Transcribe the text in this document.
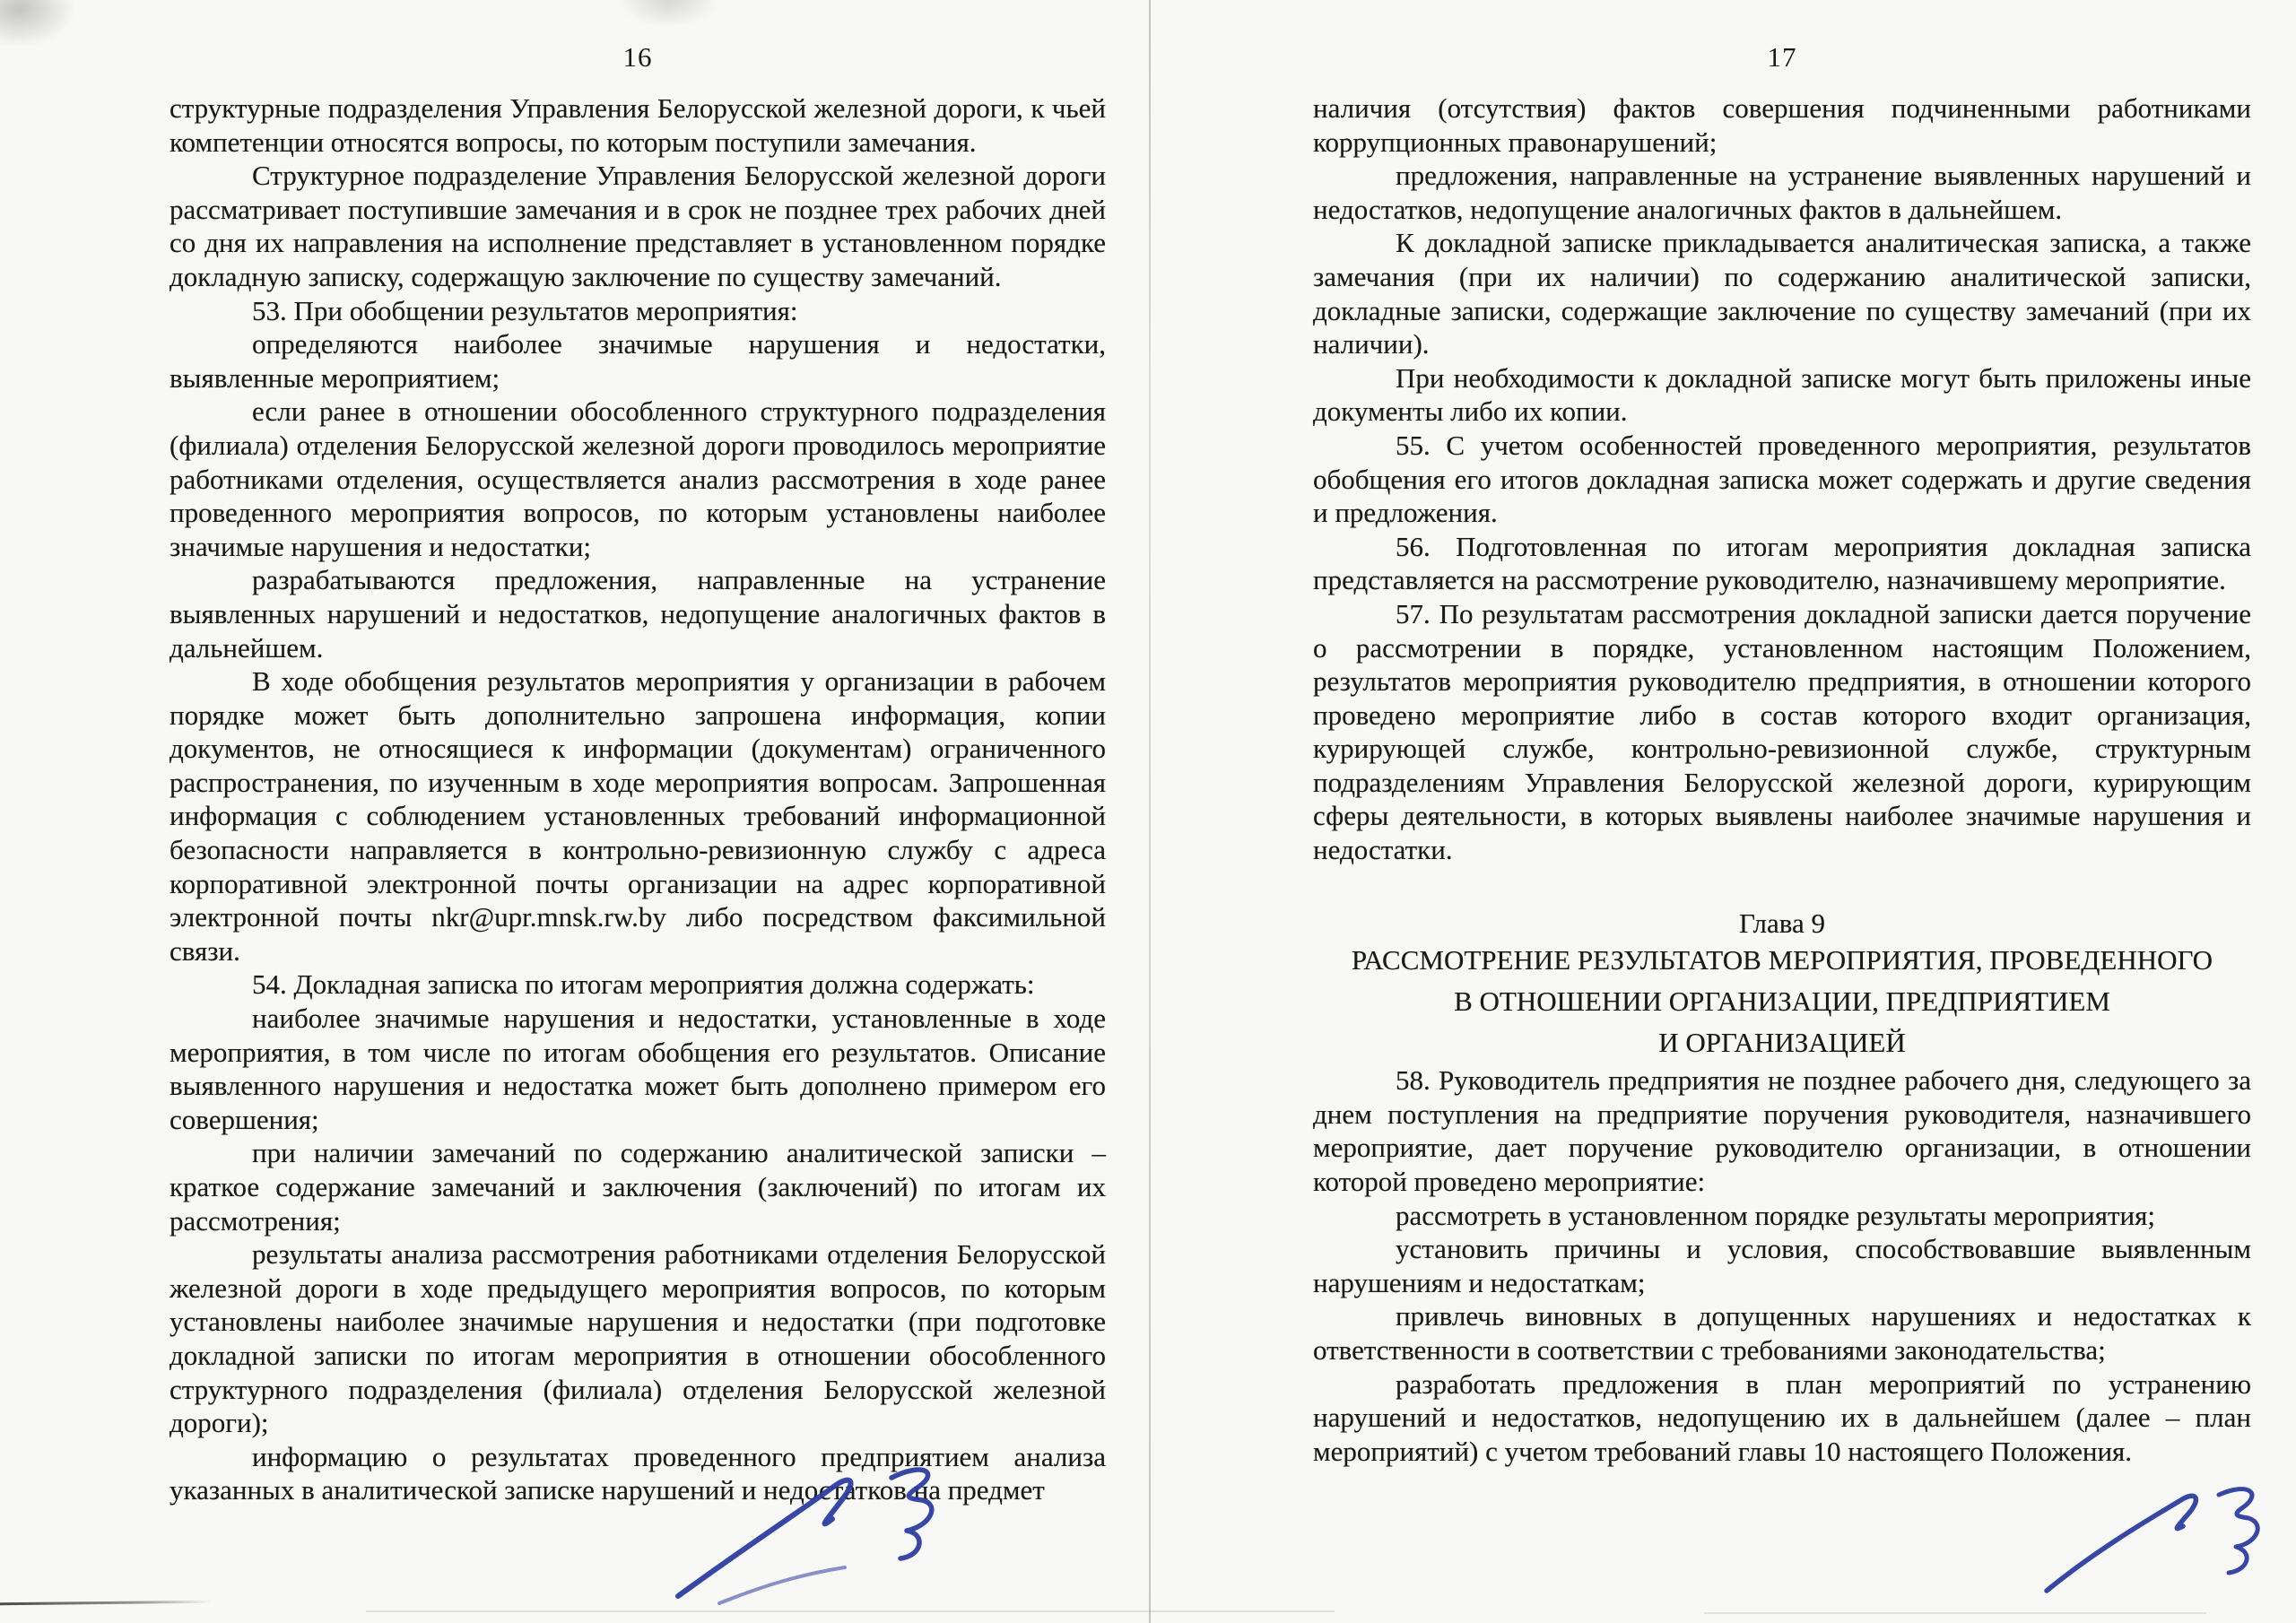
16

структурные подразделения Управления Белорусской железной дороги, к чьей компетенции относятся вопросы, по которым поступили замечания.

Структурное подразделение Управления Белорусской железной дороги рассматривает поступившие замечания и в срок не позднее трех рабочих дней со дня их направления на исполнение представляет в установленном порядке докладную записку, содержащую заключение по существу замечаний.

53. При обобщении результатов мероприятия:

определяются наиболее значимые нарушения и недостатки, выявленные мероприятием;

если ранее в отношении обособленного структурного подразделения (филиала) отделения Белорусской железной дороги проводилось мероприятие работниками отделения, осуществляется анализ рассмотрения в ходе ранее проведенного мероприятия вопросов, по которым установлены наиболее значимые нарушения и недостатки;

разрабатываются предложения, направленные на устранение выявленных нарушений и недостатков, недопущение аналогичных фактов в дальнейшем.

В ходе обобщения результатов мероприятия у организации в рабочем порядке может быть дополнительно запрошена информация, копии документов, не относящиеся к информации (документам) ограниченного распространения, по изученным в ходе мероприятия вопросам. Запрошенная информация с соблюдением установленных требований информационной безопасности направляется в контрольно-ревизионную службу с адреса корпоративной электронной почты организации на адрес корпоративной электронной почты nkr@upr.mnsk.rw.by либо посредством факсимильной связи.

54. Докладная записка по итогам мероприятия должна содержать:

наиболее значимые нарушения и недостатки, установленные в ходе мероприятия, в том числе по итогам обобщения его результатов. Описание выявленного нарушения и недостатка может быть дополнено примером его совершения;

при наличии замечаний по содержанию аналитической записки – краткое содержание замечаний и заключения (заключений) по итогам их рассмотрения;

результаты анализа рассмотрения работниками отделения Белорусской железной дороги в ходе предыдущего мероприятия вопросов, по которым установлены наиболее значимые нарушения и недостатки (при подготовке докладной записки по итогам мероприятия в отношении обособленного структурного подразделения (филиала) отделения Белорусской железной дороги);

информацию о результатах проведенного предприятием анализа указанных в аналитической записке нарушений и недостатков на предмет

17

наличия (отсутствия) фактов совершения подчиненными работниками коррупционных правонарушений;

предложения, направленные на устранение выявленных нарушений и недостатков, недопущение аналогичных фактов в дальнейшем.

К докладной записке прикладывается аналитическая записка, а также замечания (при их наличии) по содержанию аналитической записки, докладные записки, содержащие заключение по существу замечаний (при их наличии).

При необходимости к докладной записке могут быть приложены иные документы либо их копии.

55. С учетом особенностей проведенного мероприятия, результатов обобщения его итогов докладная записка может содержать и другие сведения и предложения.

56. Подготовленная по итогам мероприятия докладная записка представляется на рассмотрение руководителю, назначившему мероприятие.

57. По результатам рассмотрения докладной записки дается поручение о рассмотрении в порядке, установленном настоящим Положением, результатов мероприятия руководителю предприятия, в отношении которого проведено мероприятие либо в состав которого входит организация, курирующей службе, контрольно-ревизионной службе, структурным подразделениям Управления Белорусской железной дороги, курирующим сферы деятельности, в которых выявлены наиболее значимые нарушения и недостатки.

Глава 9

РАССМОТРЕНИЕ РЕЗУЛЬТАТОВ МЕРОПРИЯТИЯ, ПРОВЕДЕННОГО
В ОТНОШЕНИИ ОРГАНИЗАЦИИ, ПРЕДПРИЯТИЕМ
И ОРГАНИЗАЦИЕЙ

58. Руководитель предприятия не позднее рабочего дня, следующего за днем поступления на предприятие поручения руководителя, назначившего мероприятие, дает поручение руководителю организации, в отношении которой проведено мероприятие:

рассмотреть в установленном порядке результаты мероприятия;

установить причины и условия, способствовавшие выявленным нарушениям и недостаткам;

привлечь виновных в допущенных нарушениях и недостатках к ответственности в соответствии с требованиями законодательства;

разработать предложения в план мероприятий по устранению нарушений и недостатков, недопущению их в дальнейшем (далее – план мероприятий) с учетом требований главы 10 настоящего Положения.
